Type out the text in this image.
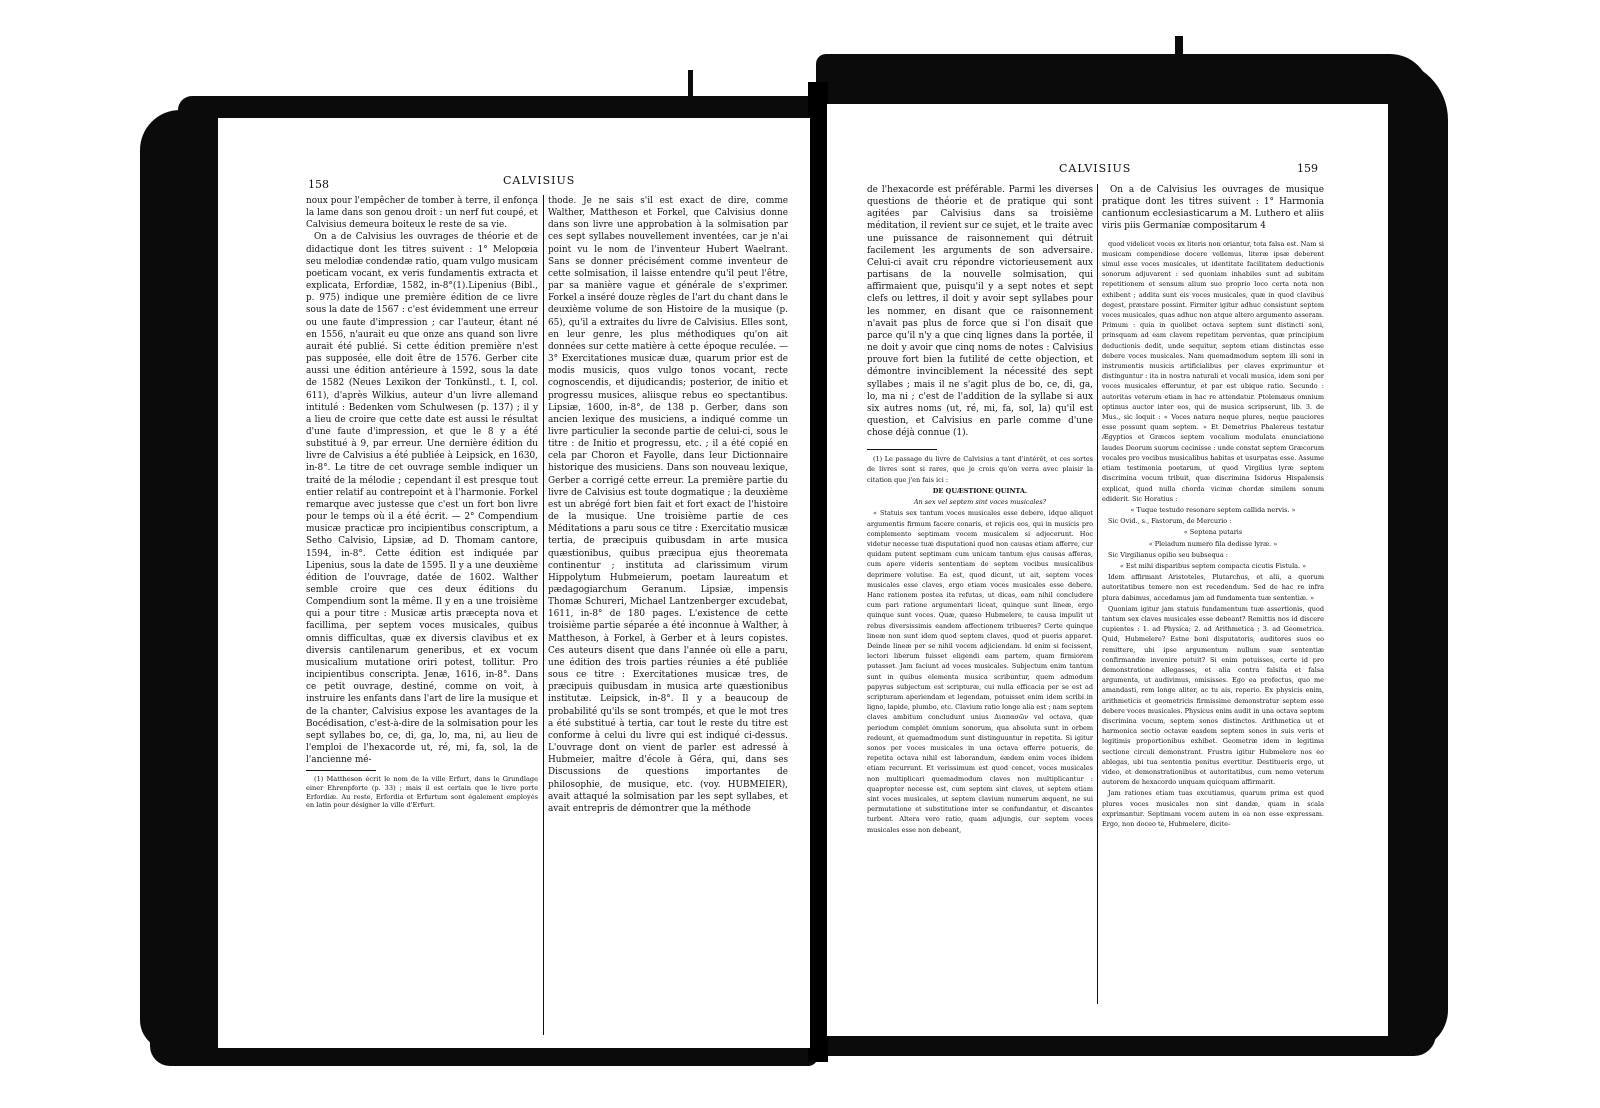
158	CALVISIUS

noux pour l'empêcher de tomber à terre, il enfonça la lame dans son genou droit : un nerf fut coupé, et Calvisius demeura boiteux le reste de sa vie.

On a de Calvisius les ouvrages de théorie et de didactique dont les titres suivent : 1° Melopœia seu melodiæ condendæ ratio, quam vulgo musicam poeticam vocant, ex veris fundamentis extracta et explicata, Erfordiæ, 1582, in-8°(1).Lipenius (Bibl., p. 975) indique une première édition de ce livre sous la date de 1567 : c'est évidemment une erreur ou une faute d'impression ; car l'auteur, étant né en 1556, n'aurait eu que onze ans quand son livre aurait été publié. Si cette édition première n'est pas supposée, elle doit être de 1576. Gerber cite aussi une édition antérieure à 1592, sous la date de 1582 (Neues Lexikon der Tonkünstl., t. I, col. 611), d'après Wilkius, auteur d'un livre allemand intitulé : Bedenken vom Schulwesen (p. 137) ; il y a lieu de croire que cette date est aussi le résultat d'une faute d'impression, et que le 8 y a été substitué à 9, par erreur. Une dernière édition du livre de Calvisius a été publiée à Leipsick, en 1630, in-8°. Le titre de cet ouvrage semble indiquer un traité de la mélodie ; cependant il est presque tout entier relatif au contrepoint et à l'harmonie. Forkel remarque avec justesse que c'est un fort bon livre pour le temps où il a été écrit. — 2° Compendium musicæ practicæ pro incipientibus conscriptum, a Setho Calvisio, Lipsiæ, ad D. Thomam cantore, 1594, in-8°. Cette édition est indiquée par Lipenius, sous la date de 1595. Il y a une deuxième édition de l'ouvrage, datée de 1602. Walther semble croire que ces deux éditions du Compendium sont la même. Il y en a une troisième qui a pour titre : Musicæ artis præcepta nova et facillima, per septem voces musicales, quibus omnis difficultas, quæ ex diversis clavibus et ex diversis cantilenarum generibus, et ex vocum musicalium mutatione oriri potest, tollitur. Pro incipientibus conscripta. Jenæ, 1616, in-8°. Dans ce petit ouvrage, destiné, comme on voit, à instruire les enfants dans l'art de lire la musique et de la chanter, Calvisius expose les avantages de la Bocédisation, c'est-à-dire de la solmisation pour les sept syllabes bo, ce, di, ga, lo, ma, ni, au lieu de l'emploi de l'hexacorde ut, ré, mi, fa, sol, la de l'ancienne mé-

(1) Mattheson écrit le nom de la ville Erfurt, dans le Grundlage einer Ehrenpforte (p. 33) ; mais il est certain que le livre porte Erfordiæ. Au reste, Erfordia et Erfurtum sont également employés en latin pour désigner la ville d'Erfurt.

thode. Je ne sais s'il est exact de dire, comme Walther, Mattheson et Forkel, que Calvisius donne dans son livre une approbation à la solmisation par ces sept syllabes nouvellement inventées, car je n'ai point vu le nom de l'inventeur Hubert Waelrant. Sans se donner précisément comme inventeur de cette solmisation, il laisse entendre qu'il peut l'être, par sa manière vague et générale de s'exprimer. Forkel a inséré douze règles de l'art du chant dans le deuxième volume de son Histoire de la musique (p. 65), qu'il a extraites du livre de Calvisius. Elles sont, en leur genre, les plus méthodiques qu'on ait données sur cette matière à cette époque reculée. — 3° Exercitationes musicæ duæ, quarum prior est de modis musicis, quos vulgo tonos vocant, recte cognoscendis, et dijudicandis; posterior, de initio et progressu musices, aliisque rebus eo spectantibus. Lipsiæ, 1600, in-8°, de 138 p. Gerber, dans son ancien lexique des musiciens, a indiqué comme un livre particulier la seconde partie de celui-ci, sous le titre : de Initio et progressu, etc. ; il a été copié en cela par Choron et Fayolle, dans leur Dictionnaire historique des musiciens. Dans son nouveau lexique, Gerber a corrigé cette erreur. La première partie du livre de Calvisius est toute dogmatique ; la deuxième est un abrégé fort bien fait et fort exact de l'histoire de la musique. Une troisième partie de ces Méditations a paru sous ce titre : Exercitatio musicæ tertia, de præcipuis quibusdam in arte musica quæstionibus, quibus præcipua ejus theoremata continentur ; instituta ad clarissimum virum Hippolytum Hubmeierum, poetam laureatum et pædagogiarchum Geranum. Lipsiæ, impensis Thomæ Schureri, Michael Lantzenberger excudebat, 1611, in-8° de 180 pages. L'existence de cette troisième partie séparée a été inconnue à Walther, à Mattheson, à Forkel, à Gerber et à leurs copistes. Ces auteurs disent que dans l'année où elle a paru, une édition des trois parties réunies a été publiée sous ce titre : Exercitationes musicæ tres, de præcipuis quibusdam in musica arte quæstionibus institutæ. Leipsick, in-8°. Il y a beaucoup de probabilité qu'ils se sont trompés, et que le mot tres a été substitué à tertia, car tout le reste du titre est conforme à celui du livre qui est indiqué ci-dessus. L'ouvrage dont on vient de parler est adressé à Hubmeier, maître d'école à Géra, qui, dans ses Discussions de questions importantes de philosophie, de musique, etc. (voy. HUBMEIER), avait attaqué la solmisation par les sept syllabes, et avait entrepris de démontrer que la méthode

CALVISIUS	159

de l'hexacorde est préférable. Parmi les diverses questions de théorie et de pratique qui sont agitées par Calvisius dans sa troisième méditation, il revient sur ce sujet, et le traite avec une puissance de raisonnement qui détruit facilement les arguments de son adversaire. Celui-ci avait cru répondre victorieusement aux partisans de la nouvelle solmisation, qui affirmaient que, puisqu'il y a sept notes et sept clefs ou lettres, il doit y avoir sept syllabes pour les nommer, en disant que ce raisonnement n'avait pas plus de force que si l'on disait que parce qu'il n'y a que cinq lignes dans la portée, il ne doit y avoir que cinq noms de notes : Calvisius prouve fort bien la futilité de cette objection, et démontre invinciblement la nécessité des sept syllabes ; mais il ne s'agit plus de bo, ce, di, ga, lo, ma ni ; c'est de l'addition de la syllabe si aux six autres noms (ut, ré, mi, fa, sol, la) qu'il est question, et Calvisius en parle comme d'une chose déjà connue (1).

(1) Le passage du livre de Calvisius a tant d'intérêt, et ces sortes de livres sont si rares, que je crois qu'on verra avec plaisir la citation que j'en fais ici :

DE QUÆSTIONE QUINTA.

An sex vel septem sint voces musicales?

« Statuis sex tantum voces musicales esse debere, idque aliquot argumentis firmum facere conaris, et rejicis eos, qui in musicis pro complemento septimam vocem musicalem si adjecerunt. Hoc videtur necesse tuæ disputationi quod non causas etiam afferre, cur quidam putent septimam cum unicam tantum ejus causas afferas, cum apere videris sententiam de septem vocibus musicalibus deprimere volutise. Ea est, quod dicunt, ut ait, septem voces musicales esse claves, ergo etiam voces musicales esse debere. Hanc rationem postea ita refutas, ut dicas, eam nihil concludere cum pari ratione argumentari liceat, quinque sunt lineæ, ergo quinque sunt voces. Quæ, quæso Hubmelere, te causa impulit ut rebus diversissimis eandem affectionem tribueres? Certe quinque lineæ non sunt idem quod septem claves, quod et pueris apparet. Deinde lineæ per se nihil vocem adjiciendam. Id enim si fecissent, lectori liberum fuisset eligendi eam partem, quam firmiorem putasset. Jam faciunt ad voces musicales. Subjectum enim tantum sunt in quibus elementa musica scribuntur, quem admodum papyrus subjectum est scripturæ, cui nulla efficacia per se est ad scripturam aperiendam et legendam, potuisset enim idem scribi in ligno, lapide, plumbo, etc. Clavium ratio longe alia est ; nam septem claves ambitum concludunt unius Διαπασῶν vel octava, quæ periodum complet omnium sonorum, qua absoluta sunt in orbem redeunt, et quemadmodum sunt distinguuntur in repetita. Si igitur sonos per voces musicales in una octava efferre potueris, de repetita octava nihil est laborandum, eædem enim voces ibidem etiam recurrunt. Et verissimum est quod cencet, voces musicales non multiplicari quemadmodum claves non multiplicantur : quapropter necesse est, cum septem sint claves, ut septem etiam sint voces musicales, ut septem clavium numerum æquent, ne sui permutatione et substitutione inter se confundantur, et discantes turbent. Altera vero ratio, quam adjungis, cur septem voces musicales esse non debeant,

On a de Calvisius les ouvrages de musique pratique dont les titres suivent : 1° Harmonia cantionum ecclesiasticarum a M. Luthero et aliis viris piis Germaniæ compositarum 4

quod videlicet voces ex literis non oriantur, tota falsa est. Nam si musicam compendiose docere vellemus, literæ ipsæ deberent simul esse voces musicales, ut identitate facilitatem deductionis sonorum adjuvarent : sed quoniam inhabiles sunt ad subitam repetitionem et sensum alium suo proprio loco certa nota non exhibent ; addita sunt eis voces musicales, quæ in quod clavibus degest, præstare possint. Firmiter igitur adhuc consistunt septem voces musicales, quas adhuc non atque altero argumento asseram. Primum : quia in quolibet octava septem sunt distincti soni, prinsquam ad eam clavem repetitam perventas, quæ principium deductionis dedit, unde sequitur, septem etiam distinctas esse debere voces musicales. Nam quemadmodum septem illi soni in instrumentis musicis artificialibus per claves exprimuntur et distinguntur : ita in nostra naturali et vocali musica, idem soni per voces musicales efferuntur, et par est ubique ratio. Secundo : autoritas veterum etiam in hac re attendatur. Ptolemæus omnium optimus auctor inter eos, qui de musica scripserunt, lib. 3. de Mus., sic loquit : « Voces natura neque plures, neque pauciores esse possunt quam septem. » Et Demetrius Phalereus testatur Ægyptios et Græcos septem vocalium modulata enunciatione laudes Deorum suorum cecinisse : unde constat septem Græcorum vocales pro vocibus musicalibus habitas et usurpatas esse. Assume etiam testimonia poetarum, ut quod Virgilius lyræ septem discrimina vocum tribuit, quæ discrimina Isidorus Hispalensis explicat, quod nulla chorda vicinæ chordæ similem sonum ediderit. Sic Horatius :

« Tuque testudo resonare septem callida nervis. »

Sic Ovid., s., Fastorum, de Mercurio :

« Septena putaris

« Pleiadum numero fila dedisse lyræ. »

Sic Virgilianus opilio seu bubsequa :

« Est mihi disparibus septem compacta cicutis Fistula. »

Idem affirmant Aristoteles, Plutarchus, et alii, a quorum autoritatibus temere non est recedendum. Sed de hac re infra plura dabimus, accedamus jam ad fundamenta tuæ sententiæ. »

Quoniam igitur jam statuis fundamentum tuæ assertionis, quod tantum sex claves musicales esse debeant? Remittis nos id discere cupientes : 1. ad Physica; 2. ad Arithmetica ; 3. ad Geometrica. Quid, Hubmelere? Estne boni disputatoris, auditores suos eo remittere, ubi ipse argumentum nullum suæ sententiæ confirmandæ invenire potuit? Si enim potuisses, certe id pro demonstratione allegasses, et alia contra falsita et falsa argumenta, ut audivimus, omisisses. Ego ea profectus, quo me amandasti, rem longe aliter, ac tu ais, reperio. Ex physicis enim, arithmeticis et geometricis firmissime demonstratur septem esse debere voces musicales. Physicus enim audit in una octava septem discrimina vocum, septem sonos distinctos. Arithmetica ut et harmonica sectio octavæ easdem septem sonos in suis veris et legitimis proportionibus exhibet. Geometræ idem in legitima sectione circuli demonstrant. Frustra igitur Hubmelere nos eo ablegas, ubi tua sententia penitus evertitur. Destitueris ergo, ut video, et demonstrationibus et autoritatibus, cum nemo veterum autorem de hexacordo unquam quicquam affirmarit.

Jam rationes etiam tuas excutiamus, quarum prima est quod plures voces musicales non sint dandæ, quam in scala exprimantur. Septimam vocem autem in ea non esse expressam. Ergo, non doceo te, Hubmelere, dicite-
